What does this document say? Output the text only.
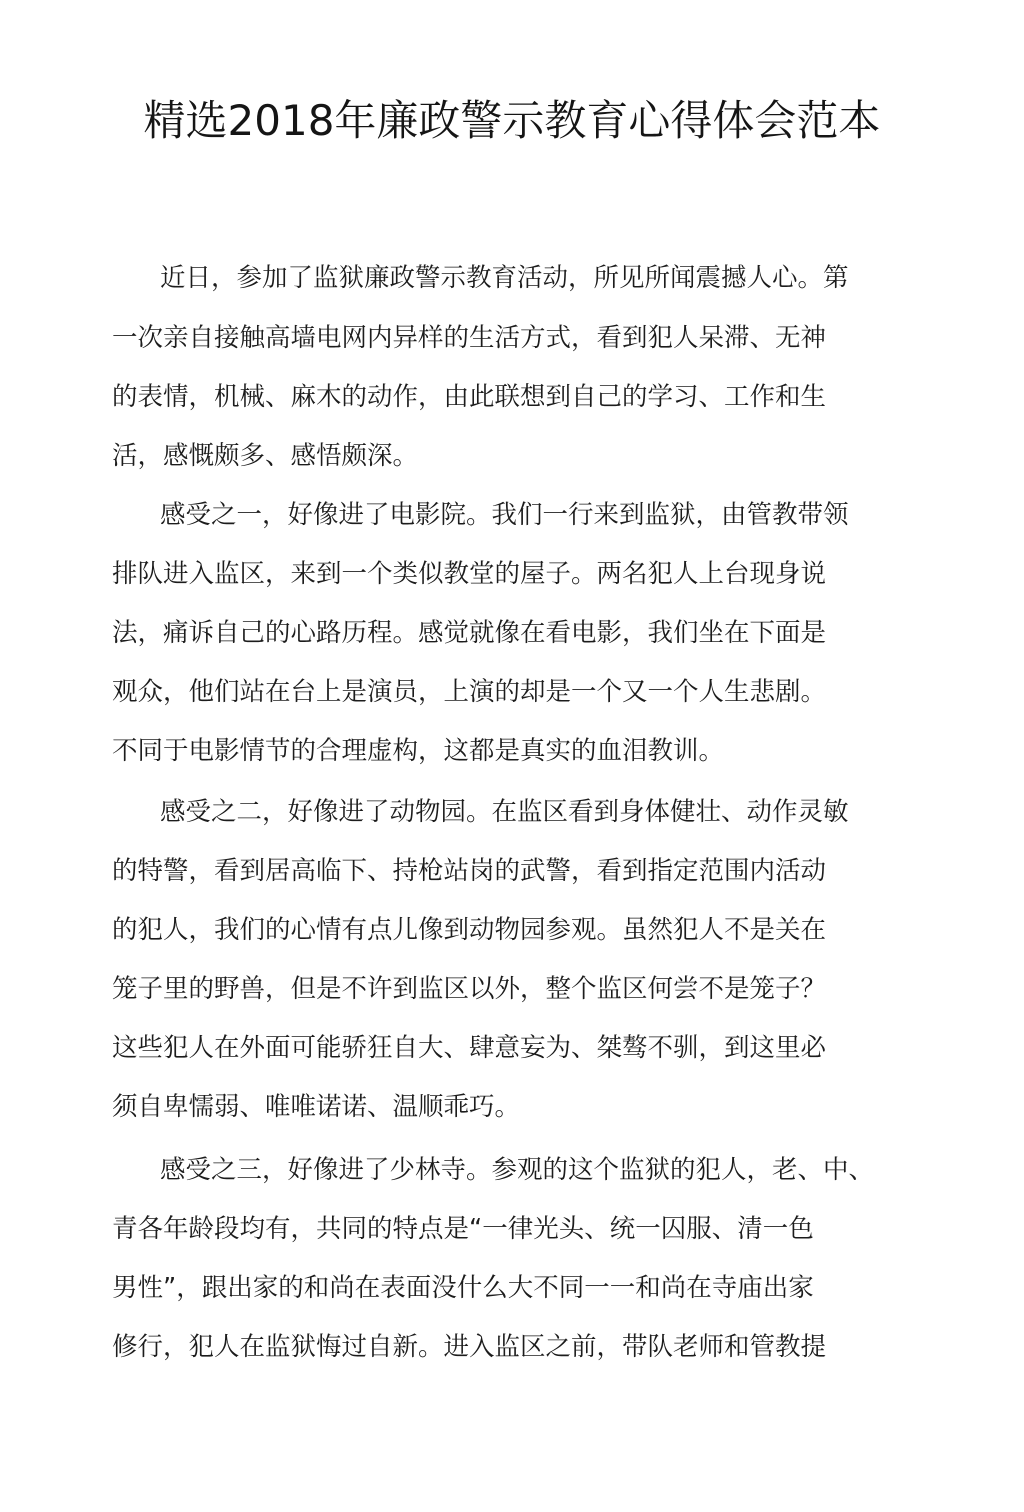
精选2018年廉政警示教育心得体会范本

近日，参加了监狱廉政警示教育活动，所见所闻震撼人心。第

一次亲自接触高墙电网内异样的生活方式，看到犯人呆滞、无神

的表情，机械、麻木的动作，由此联想到自己的学习、工作和生

活，感慨颇多、感悟颇深。

感受之一，好像进了电影院。我们一行来到监狱，由管教带领

排队进入监区，来到一个类似教堂的屋子。两名犯人上台现身说

法，痛诉自己的心路历程。感觉就像在看电影，我们坐在下面是

观众，他们站在台上是演员，上演的却是一个又一个人生悲剧。

不同于电影情节的合理虚构，这都是真实的血泪教训。

感受之二，好像进了动物园。在监区看到身体健壮、动作灵敏

的特警，看到居高临下、持枪站岗的武警，看到指定范围内活动

的犯人，我们的心情有点儿像到动物园参观。虽然犯人不是关在

笼子里的野兽，但是不许到监区以外，整个监区何尝不是笼子？

这些犯人在外面可能骄狂自大、肆意妄为、桀骜不驯，到这里必

须自卑懦弱、唯唯诺诺、温顺乖巧。

感受之三，好像进了少林寺。参观的这个监狱的犯人，老、中、

青各年龄段均有，共同的特点是“一律光头、统一囚服、清一色

男性”，跟出家的和尚在表面没什么大不同一一和尚在寺庙出家

修行，犯人在监狱悔过自新。进入监区之前，带队老师和管教提
